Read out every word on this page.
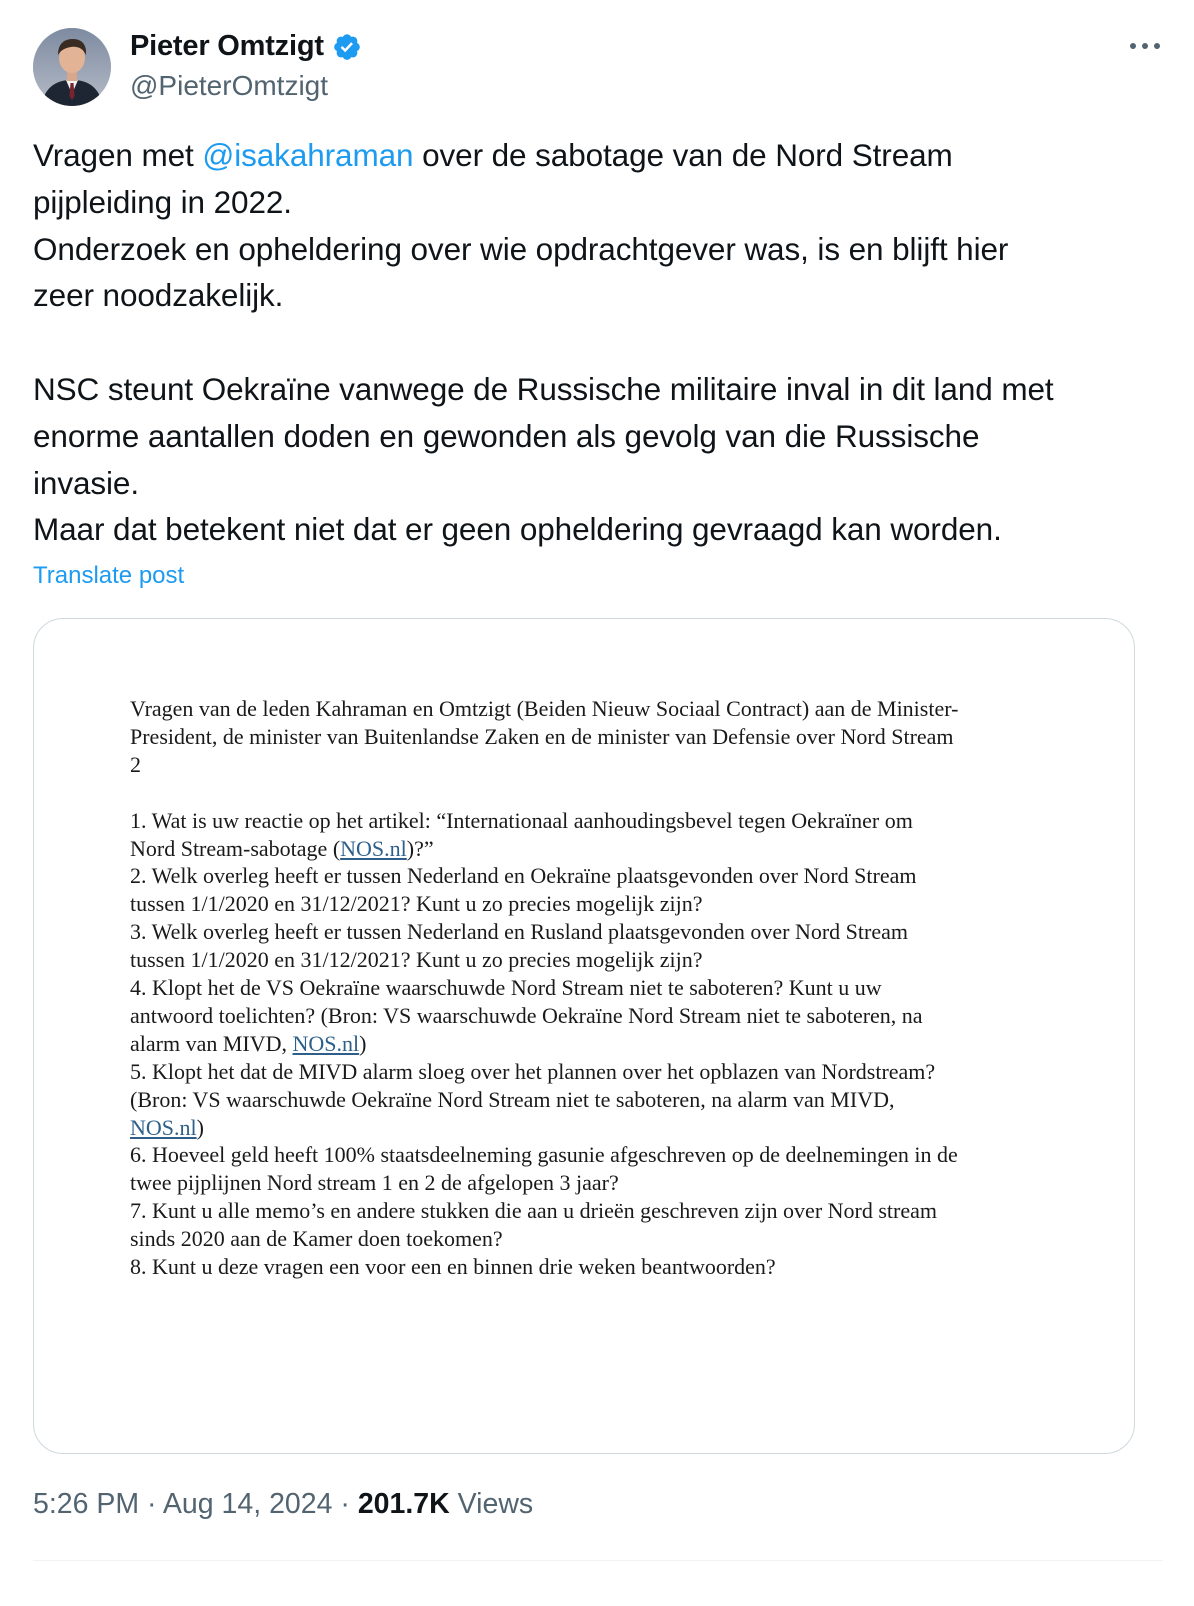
Pieter Omtzigt
@PieterOmtzigt
Vragen met @isakahraman over de sabotage van de Nord Stream
pijpleiding in 2022.
Onderzoek en opheldering over wie opdrachtgever was, is en blijft hier
zeer noodzakelijk.
NSC steunt Oekraïne vanwege de Russische militaire inval in dit land met
enorme aantallen doden en gewonden als gevolg van die Russische
invasie.
Maar dat betekent niet dat er geen opheldering gevraagd kan worden.
Translate post
Vragen van de leden Kahraman en Omtzigt (Beiden Nieuw Sociaal Contract) aan de Minister-
President, de minister van Buitenlandse Zaken en de minister van Defensie over Nord Stream
2
1. Wat is uw reactie op het artikel: “Internationaal aanhoudingsbevel tegen Oekraïner om
Nord Stream-sabotage (NOS.nl)?”
2. Welk overleg heeft er tussen Nederland en Oekraïne plaatsgevonden over Nord Stream
tussen 1/1/2020 en 31/12/2021? Kunt u zo precies mogelijk zijn?
3. Welk overleg heeft er tussen Nederland en Rusland plaatsgevonden over Nord Stream
tussen 1/1/2020 en 31/12/2021? Kunt u zo precies mogelijk zijn?
4. Klopt het de VS Oekraïne waarschuwde Nord Stream niet te saboteren? Kunt u uw
antwoord toelichten? (Bron: VS waarschuwde Oekraïne Nord Stream niet te saboteren, na
alarm van MIVD, NOS.nl)
5. Klopt het dat de MIVD alarm sloeg over het plannen over het opblazen van Nordstream?
(Bron: VS waarschuwde Oekraïne Nord Stream niet te saboteren, na alarm van MIVD,
NOS.nl)
6. Hoeveel geld heeft 100% staatsdeelneming gasunie afgeschreven op de deelnemingen in de
twee pijplijnen Nord stream 1 en 2 de afgelopen 3 jaar?
7. Kunt u alle memo’s en andere stukken die aan u drieën geschreven zijn over Nord stream
sinds 2020 aan de Kamer doen toekomen?
8. Kunt u deze vragen een voor een en binnen drie weken beantwoorden?
5:26 PM · Aug 14, 2024 · 201.7K Views
